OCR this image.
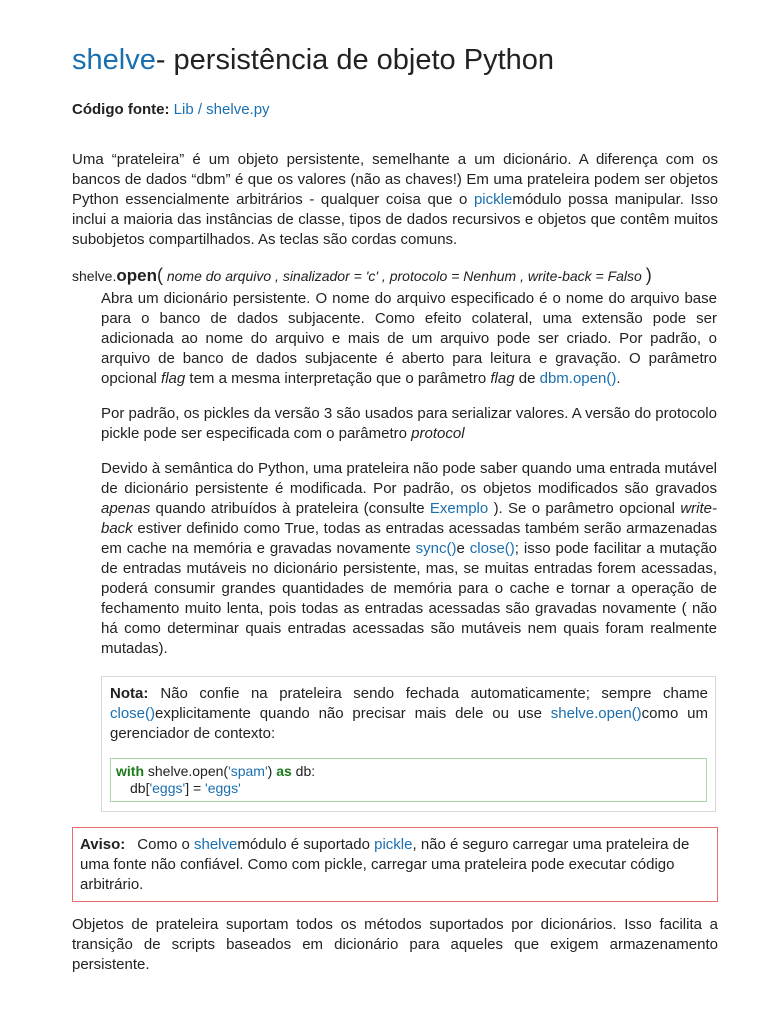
shelve- persistência de objeto Python

Código fonte: Lib / shelve.py

Uma “prateleira” é um objeto persistente, semelhante a um dicionário. A diferença com os bancos de dados “dbm” é que os valores (não as chaves!) Em uma prateleira podem ser objetos Python essencialmente arbitrários - qualquer coisa que o picklemódulo possa manipular. Isso inclui a maioria das instâncias de classe, tipos de dados recursivos e objetos que contêm muitos subobjetos compartilhados. As teclas são cordas comuns.

shelve.open( nome do arquivo , sinalizador = 'c' , protocolo = Nenhum , write-back = Falso )

Abra um dicionário persistente. O nome do arquivo especificado é o nome do arquivo base para o banco de dados subjacente. Como efeito colateral, uma extensão pode ser adicionada ao nome do arquivo e mais de um arquivo pode ser criado. Por padrão, o arquivo de banco de dados subjacente é aberto para leitura e gravação. O parâmetro opcional flag tem a mesma interpretação que o parâmetro flag de dbm.open().

Por padrão, os pickles da versão 3 são usados para serializar valores. A versão do protocolo pickle pode ser especificada com o parâmetro protocol

Devido à semântica do Python, uma prateleira não pode saber quando uma entrada mutável de dicionário persistente é modificada. Por padrão, os objetos modificados são gravados apenas quando atribuídos à prateleira (consulte Exemplo ). Se o parâmetro opcional write-back estiver definido como True, todas as entradas acessadas também serão armazenadas em cache na memória e gravadas novamente sync()e close(); isso pode facilitar a mutação de entradas mutáveis no dicionário persistente, mas, se muitas entradas forem acessadas, poderá consumir grandes quantidades de memória para o cache e tornar a operação de fechamento muito lenta, pois todas as entradas acessadas são gravadas novamente ( não há como determinar quais entradas acessadas são mutáveis nem quais foram realmente mutadas).

Nota: Não confie na prateleira sendo fechada automaticamente; sempre chame close()explicitamente quando não precisar mais dele ou use shelve.open()como um gerenciador de contexto:

with shelve.open('spam') as db:
db['eggs'] = 'eggs'

Aviso: Como o shelvemódulo é suportado pickle, não é seguro carregar uma prateleira de uma fonte não confiável. Como com pickle, carregar uma prateleira pode executar código arbitrário.

Objetos de prateleira suportam todos os métodos suportados por dicionários. Isso facilita a transição de scripts baseados em dicionário para aqueles que exigem armazenamento persistente.
